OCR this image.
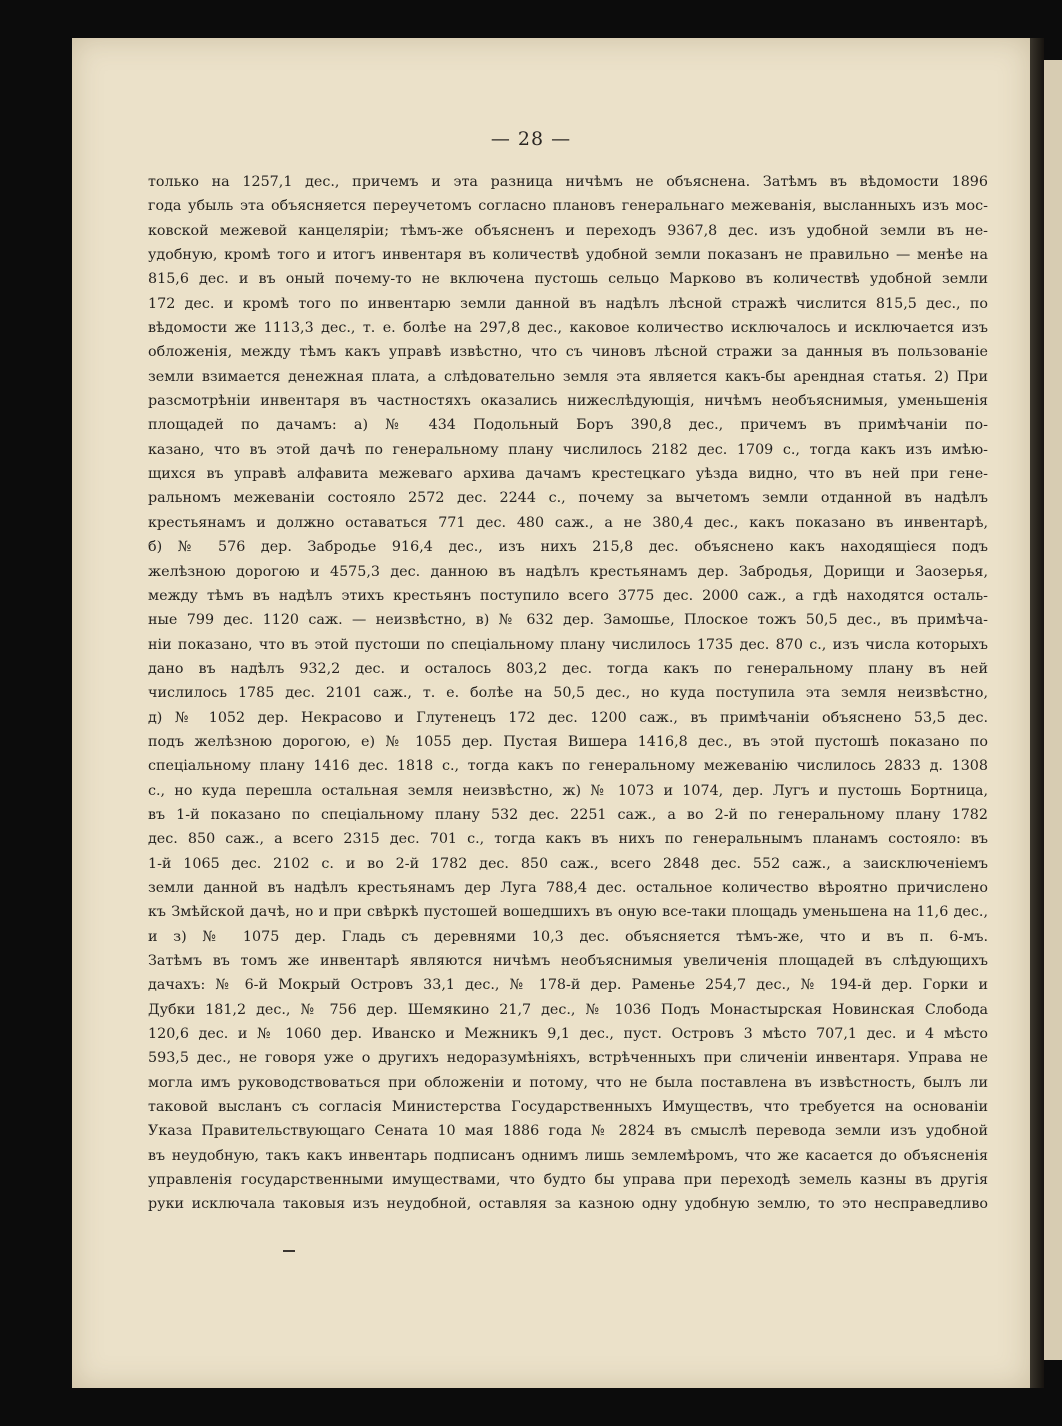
— 28 —
только на 1257,1 дес., причемъ и эта разница ничѣмъ не объяснена. Затѣмъ въ вѣдомости 1896
года убыль эта объясняется переучетомъ согласно плановъ генеральнаго межеванія, высланныхъ изъ мос-
ковской межевой канцеляріи; тѣмъ-же объясненъ и переходъ 9367,8 дес. изъ удобной земли въ не-
удобную, кромѣ того и итогъ инвентаря въ количествѣ удобной земли показанъ не правильно — менѣе на
815,6 дес. и въ оный почему-то не включена пустошь сельцо Марково въ количествѣ удобной земли
172 дес. и кромѣ того по инвентарю земли данной въ надѣлъ лѣсной стражѣ числится 815,5 дес., по
вѣдомости же 1113,3 дес., т. е. болѣе на 297,8 дес., каковое количество исключалось и исключается изъ
обложенія, между тѣмъ какъ управѣ извѣстно, что съ чиновъ лѣсной стражи за данныя въ пользованіе
земли взимается денежная плата, а слѣдовательно земля эта является какъ-бы арендная статья. 2) При
разсмотрѣніи инвентаря въ частностяхъ оказались нижеслѣдующія, ничѣмъ необъяснимыя, уменьшенія
площадей по дачамъ: а) № 434 Подольный Боръ 390,8 дес., причемъ въ примѣчаніи по-
казано, что въ этой дачѣ по генеральному плану числилось 2182 дес. 1709 с., тогда какъ изъ имѣю-
щихся въ управѣ алфавита межеваго архива дачамъ крестецкаго уѣзда видно, что въ ней при гене-
ральномъ межеваніи состояло 2572 дес. 2244 с., почему за вычетомъ земли отданной въ надѣлъ
крестьянамъ и должно оставаться 771 дес. 480 саж., а не 380,4 дес., какъ показано въ инвентарѣ,
б) № 576 дер. Забродье 916,4 дес., изъ нихъ 215,8 дес. объяснено какъ находящіеся подъ
желѣзною дорогою и 4575,3 дес. данною въ надѣлъ крестьянамъ дер. Забродья, Дорищи и Заозерья,
между тѣмъ въ надѣлъ этихъ крестьянъ поступило всего 3775 дес. 2000 саж., а гдѣ находятся осталь-
ные 799 дес. 1120 саж. — неизвѣстно, в) № 632 дер. Замошье, Плоское тожъ 50,5 дес., въ примѣча-
ніи показано, что въ этой пустоши по спеціальному плану числилось 1735 дес. 870 с., изъ числа которыхъ
дано въ надѣлъ 932,2 дес. и осталось 803,2 дес. тогда какъ по генеральному плану въ ней
числилось 1785 дес. 2101 саж., т. е. болѣе на 50,5 дес., но куда поступила эта земля неизвѣстно,
д) № 1052 дер. Некрасово и Глутенецъ 172 дес. 1200 саж., въ примѣчаніи объяснено 53,5 дес.
подъ желѣзною дорогою, е) № 1055 дер. Пустая Вишера 1416,8 дес., въ этой пустошѣ показано по
спеціальному плану 1416 дес. 1818 с., тогда какъ по генеральному межеванію числилось 2833 д. 1308
с., но куда перешла остальная земля неизвѣстно, ж) № 1073 и 1074, дер. Лугъ и пустошь Бортница,
въ 1-й показано по спеціальному плану 532 дес. 2251 саж., а во 2-й по генеральному плану 1782
дес. 850 саж., а всего 2315 дес. 701 с., тогда какъ въ нихъ по генеральнымъ планамъ состояло: въ
1-й 1065 дес. 2102 с. и во 2-й 1782 дес. 850 саж., всего 2848 дес. 552 саж., а заисключеніемъ
земли данной въ надѣлъ крестьянамъ дер Луга 788,4 дес. остальное количество вѣроятно причислено
къ Змѣйской дачѣ, но и при свѣркѣ пустошей вошедшихъ въ оную все-таки площадь уменьшена на 11,6 дес.,
и з) № 1075 дер. Гладь съ деревнями 10,3 дес. объясняется тѣмъ-же, что и въ п. 6-мъ.
Затѣмъ въ томъ же инвентарѣ являются ничѣмъ необъяснимыя увеличенія площадей въ слѣдующихъ
дачахъ: № 6-й Мокрый Островъ 33,1 дес., № 178-й дер. Раменье 254,7 дес., № 194-й дер. Горки и
Дубки 181,2 дес., № 756 дер. Шемякино 21,7 дес., № 1036 Подъ Монастырская Новинская Слобода
120,6 дес. и № 1060 дер. Иванско и Межникъ 9,1 дес., пуст. Островъ 3 мѣсто 707,1 дес. и 4 мѣсто
593,5 дес., не говоря уже о другихъ недоразумѣніяхъ, встрѣченныхъ при сличеніи инвентаря. Управа не
могла имъ руководствоваться при обложеніи и потому, что не была поставлена въ извѣстность, былъ ли
таковой высланъ съ согласія Министерства Государственныхъ Имуществъ, что требуется на основаніи
Указа Правительствующаго Сената 10 мая 1886 года № 2824 въ смыслѣ перевода земли изъ удобной
въ неудобную, такъ какъ инвентарь подписанъ однимъ лишь землемѣромъ, что же касается до объясненія
управленія государственными имуществами, что будто бы управа при переходѣ земель казны въ другія
руки исключала таковыя изъ неудобной, оставляя за казною одну удобную землю, то это несправедливо
